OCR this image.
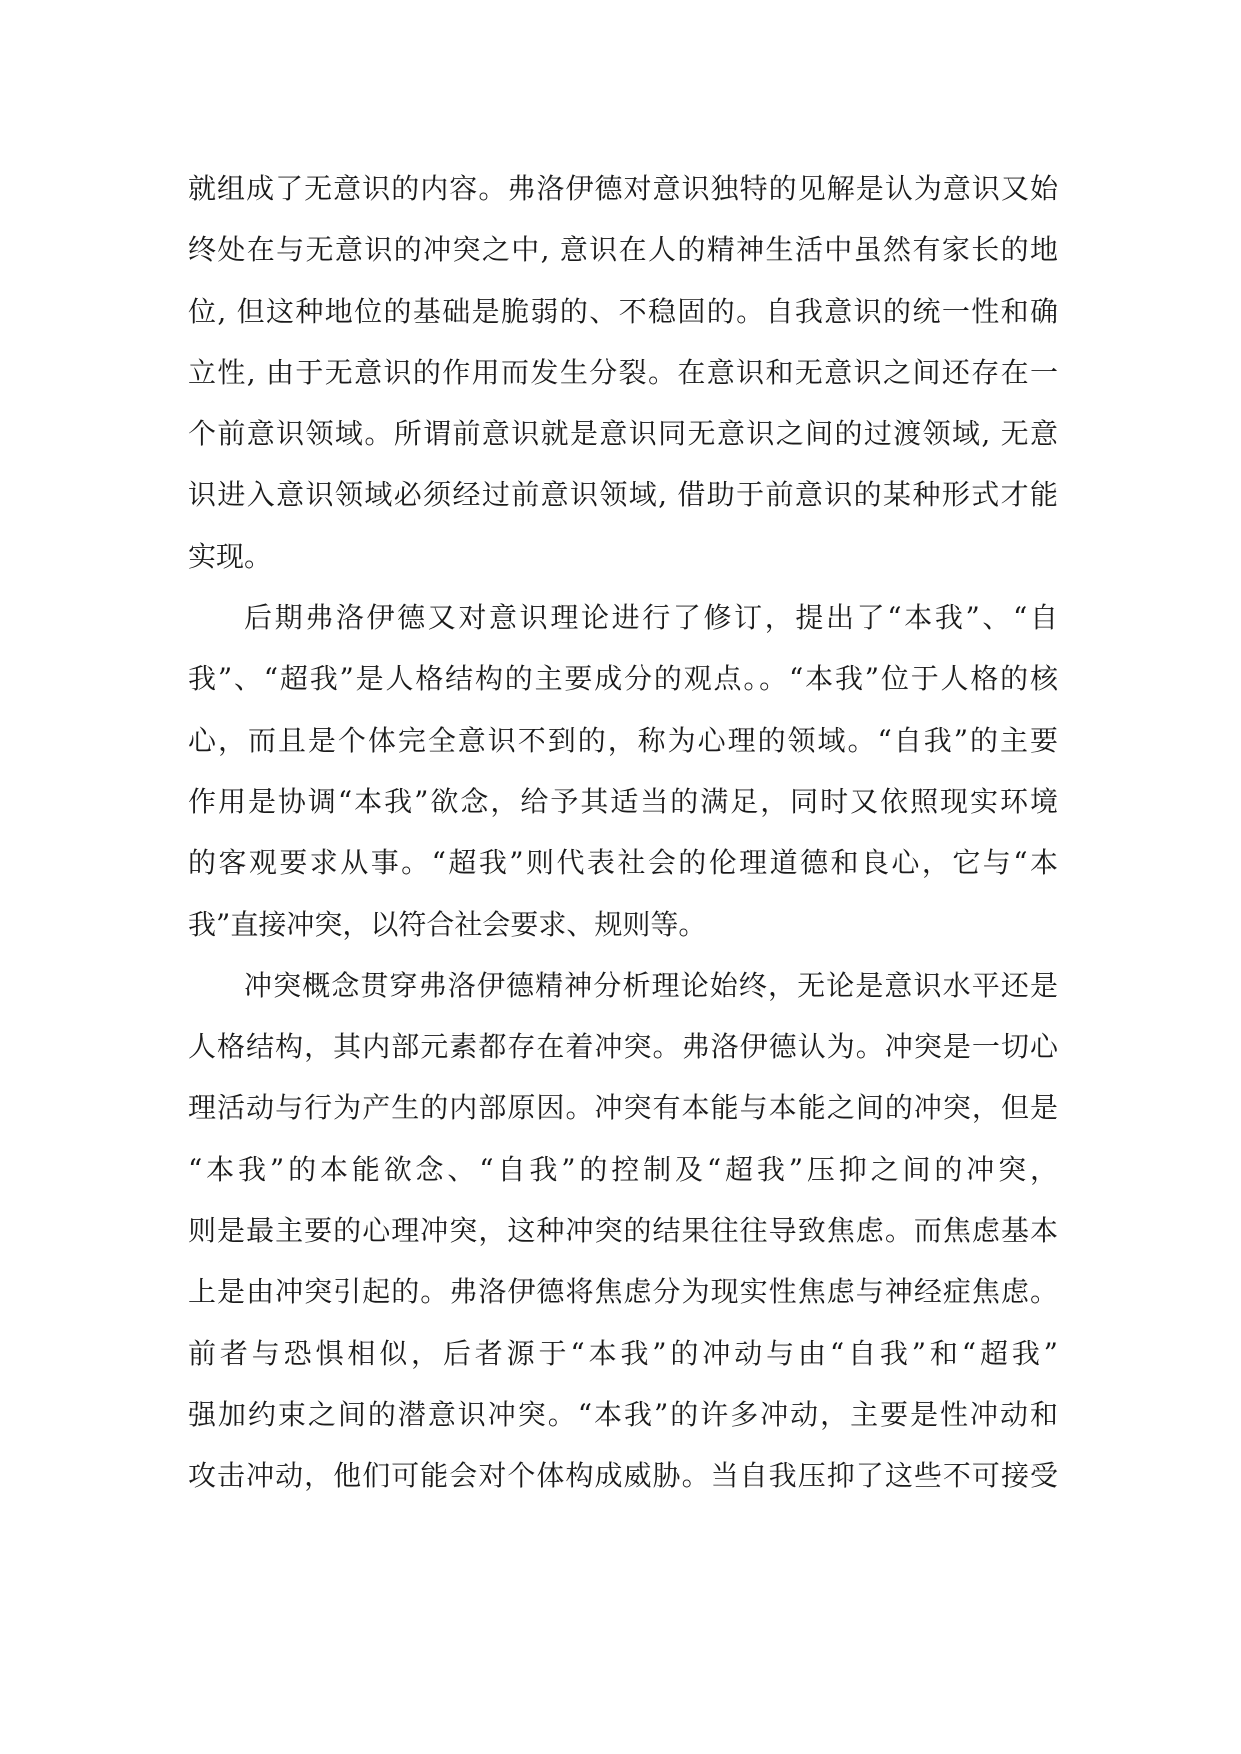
就组成了无意识的内容。弗洛伊德对意识独特的见解是认为意识又始
终处在与无意识的冲突之中, 意识在人的精神生活中虽然有家长的地
位, 但这种地位的基础是脆弱的、不稳固的。自我意识的统一性和确
立性, 由于无意识的作用而发生分裂。在意识和无意识之间还存在一
个前意识领域。所谓前意识就是意识同无意识之间的过渡领域, 无意
识进入意识领域必须经过前意识领域, 借助于前意识的某种形式才能
实现。
后期弗洛伊德又对意识理论进行了修订，提出了“本我”、“自
我”、“超我”是人格结构的主要成分的观点。。“本我”位于人格的核
心，而且是个体完全意识不到的，称为心理的领域。“自我”的主要
作用是协调“本我”欲念，给予其适当的满足，同时又依照现实环境
的客观要求从事。“超我”则代表社会的伦理道德和良心，它与“本
我”直接冲突，以符合社会要求、规则等。
冲突概念贯穿弗洛伊德精神分析理论始终，无论是意识水平还是
人格结构，其内部元素都存在着冲突。弗洛伊德认为。冲突是一切心
理活动与行为产生的内部原因。冲突有本能与本能之间的冲突，但是
“本我”的本能欲念、“自我”的控制及“超我”压抑之间的冲突，
则是最主要的心理冲突，这种冲突的结果往往导致焦虑。而焦虑基本
上是由冲突引起的。弗洛伊德将焦虑分为现实性焦虑与神经症焦虑。
前者与恐惧相似，后者源于“本我”的冲动与由“自我”和“超我”
强加约束之间的潜意识冲突。“本我”的许多冲动，主要是性冲动和
攻击冲动，他们可能会对个体构成威胁。当自我压抑了这些不可接受
